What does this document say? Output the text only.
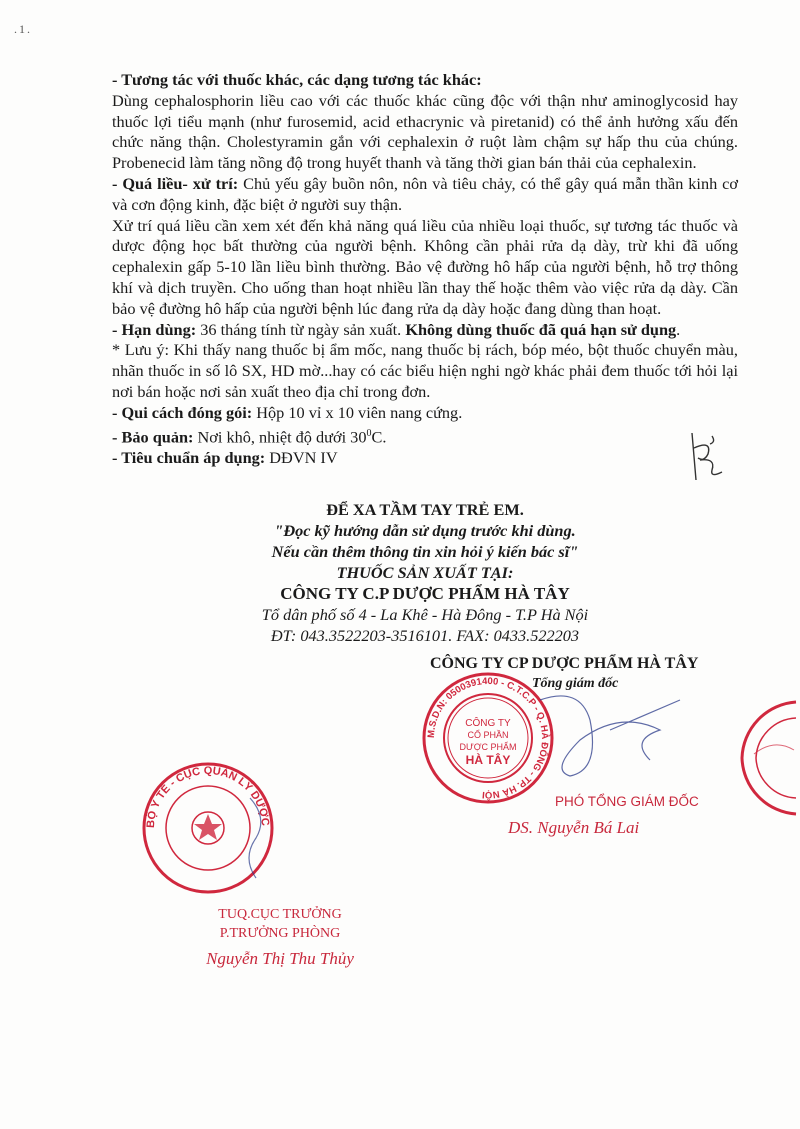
.1.

- Tương tác với thuốc khác, các dạng tương tác khác:

Dùng cephalosphorin liều cao với các thuốc khác cũng độc với thận như aminoglycosid hay thuốc lợi tiểu mạnh (như furosemid, acid ethacrynic và piretanid) có thể ảnh hưởng xấu đến chức năng thận. Cholestyramin gắn với cephalexin ở ruột làm chậm sự hấp thu của chúng. Probenecid làm tăng nồng độ trong huyết thanh và tăng thời gian bán thải của cephalexin.

- Quá liều- xử trí: Chủ yếu gây buồn nôn, nôn và tiêu chảy, có thể gây quá mẫn thần kinh cơ và cơn động kinh, đặc biệt ở người suy thận.

Xử trí quá liều cần xem xét đến khả năng quá liều của nhiều loại thuốc, sự tương tác thuốc và dược động học bất thường của người bệnh. Không cần phải rửa dạ dày, trừ khi đã uống cephalexin gấp 5-10 lần liều bình thường. Bảo vệ đường hô hấp của người bệnh, hỗ trợ thông khí và dịch truyền. Cho uống than hoạt nhiều lần thay thế hoặc thêm vào việc rửa dạ dày. Cần bảo vệ đường hô hấp của người bệnh lúc đang rửa dạ dày hoặc đang dùng than hoạt.

- Hạn dùng: 36 tháng tính từ ngày sản xuất. Không dùng thuốc đã quá hạn sử dụng.

* Lưu ý: Khi thấy nang thuốc bị ẩm mốc, nang thuốc bị rách, bóp méo, bột thuốc chuyển màu, nhãn thuốc in số lô SX, HD mờ...hay có các biểu hiện nghi ngờ khác phải đem thuốc tới hỏi lại nơi bán hoặc nơi sản xuất theo địa chỉ trong đơn.

- Qui cách đóng gói: Hộp 10 vỉ x 10 viên nang cứng.

- Bảo quản: Nơi khô, nhiệt độ dưới $30^0C$.

- Tiêu chuẩn áp dụng: DĐVN IV

ĐỂ XA TẦM TAY TRẺ EM.

"Đọc kỹ hướng dẫn sử dụng trước khi dùng.

Nếu cần thêm thông tin xin hỏi ý kiến bác sĩ"

THUỐC SẢN XUẤT TẠI:

CÔNG TY C.P DƯỢC PHẨM HÀ TÂY

Tổ dân phố số 4 - La Khê - Hà Đông - T.P Hà Nội

ĐT: 043.3522203-3516101. FAX: 0433.522203

CÔNG TY CP DƯỢC PHẨM HÀ TÂY
Tổng giám đốc
M.S.D.N: 0500391400 - C.T.C.P - Q. HÀ ĐÔNG - TP. HÀ NỘI
CÔNG TY
CỔ PHẦN
DƯỢC PHẨM
HÀ TÂY
PHÓ TỔNG GIÁM ĐỐC
DS. Nguyễn Bá Lai
BỘ Y TẾ - CỤC QUẢN LÝ DƯỢC
TUQ.CỤC TRƯỞNG
P.TRƯỞNG PHÒNG
Nguyễn Thị Thu Thủy
